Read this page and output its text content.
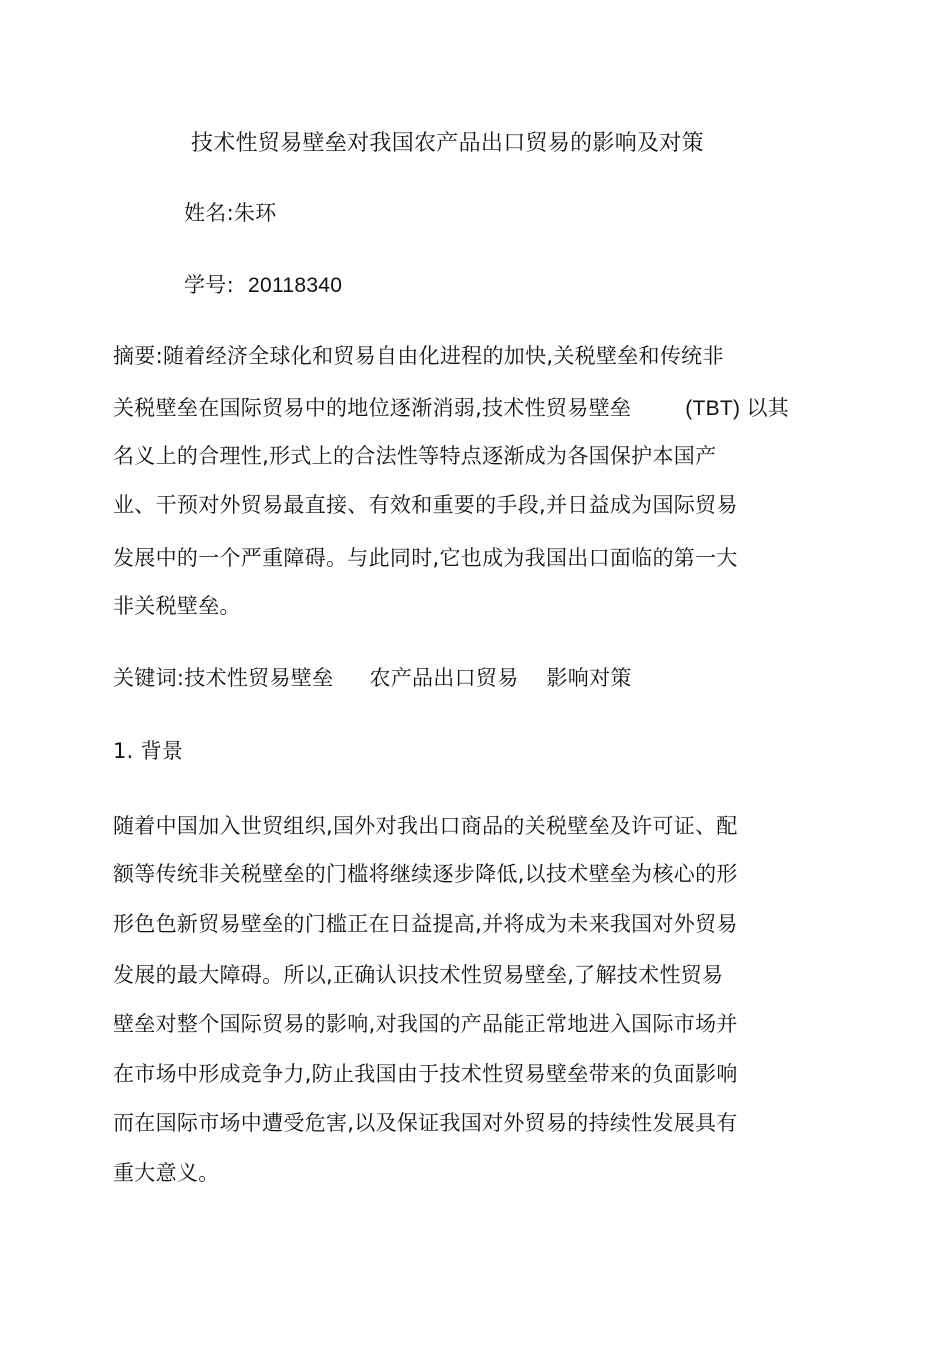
技术性贸易壁垒对我国农产品出口贸易的影响及对策
姓名:朱环
学号: 20118340
摘要:随着经济全球化和贸易自由化进程的加快,关税壁垒和传统非
关税壁垒在国际贸易中的地位逐渐消弱,技术性贸易壁垒	(TBT) 以其
名义上的合理性,形式上的合法性等特点逐渐成为各国保护本国产
业、干预对外贸易最直接、有效和重要的手段,并日益成为国际贸易
发展中的一个严重障碍。与此同时,它也成为我国出口面临的第一大
非关税壁垒。
关键词:技术性贸易壁垒 农产品出口贸易 影响对策
1. 背景
随着中国加入世贸组织,国外对我出口商品的关税壁垒及许可证、配
额等传统非关税壁垒的门槛将继续逐步降低,以技术壁垒为核心的形
形色色新贸易壁垒的门槛正在日益提高,并将成为未来我国对外贸易
发展的最大障碍。所以,正确认识技术性贸易壁垒,了解技术性贸易
壁垒对整个国际贸易的影响,对我国的产品能正常地进入国际市场并
在市场中形成竞争力,防止我国由于技术性贸易壁垒带来的负面影响
而在国际市场中遭受危害,以及保证我国对外贸易的持续性发展具有
重大意义。
